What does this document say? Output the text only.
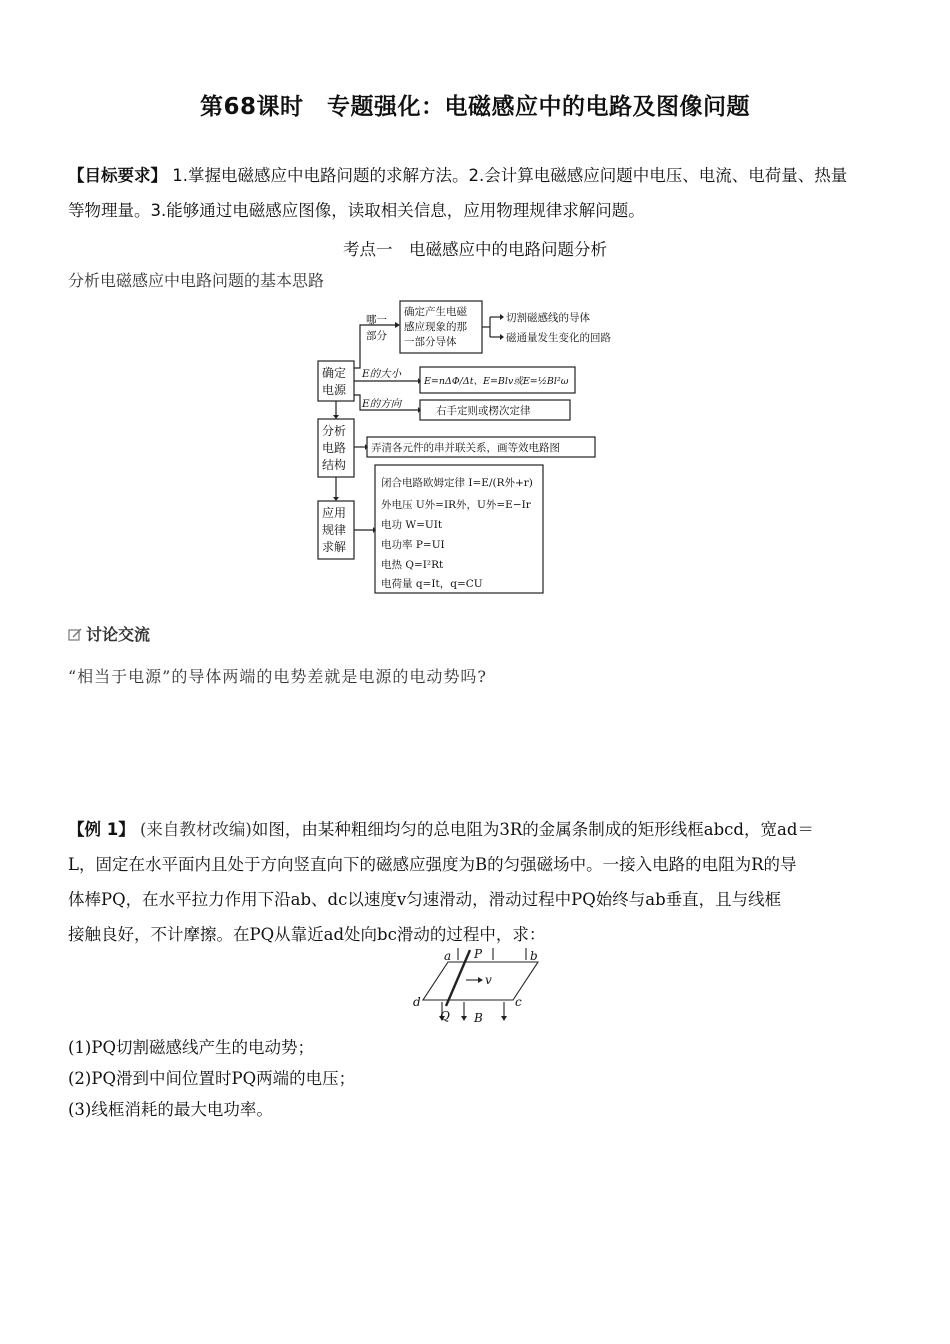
第68课时　专题强化：电磁感应中的电路及图像问题
【目标要求】 1.掌握电磁感应中电路问题的求解方法。2.会计算电磁感应问题中电压、电流、电荷量、热量
等物理量。3.能够通过电磁感应图像，读取相关信息，应用物理规律求解问题。
考点一　电磁感应中的电路问题分析
分析电磁感应中电路问题的基本思路
确定
电源
分析
电路
结构
应用
规律
求解
哪一
部分
确定产生电磁
感应现象的那
一部分导体
切割磁感线的导体
磁通量发生变化的回路
E的大小
E=nΔΦ/Δt、E=Blv或E=½Bl²ω
E的方向
右手定则或楞次定律
弄清各元件的串并联关系，画等效电路图
闭合电路欧姆定律 I=E/(R外+r)
外电压 U外=IR外，U外=E−Ir
电功 W=UIt
电功率 P=UI
电热 Q=I²Rt
电荷量 q=It，q=CU
讨论交流
“相当于电源”的导体两端的电势差就是电源的电动势吗?
【例 1】 (来自教材改编)如图，由某种粗细均匀的总电阻为3R的金属条制成的矩形线框abcd，宽ad＝
L，固定在水平面内且处于方向竖直向下的磁感应强度为B的匀强磁场中。一接入电路的电阻为R的导
体棒PQ，在水平拉力作用下沿ab、dc以速度v匀速滑动，滑动过程中PQ始终与ab垂直，且与线框
接触良好，不计摩擦。在PQ从靠近ad处向bc滑动的过程中，求：
a P	b
c
d
Q
v
B
(1)PQ切割磁感线产生的电动势；
(2)PQ滑到中间位置时PQ两端的电压；
(3)线框消耗的最大电功率。
